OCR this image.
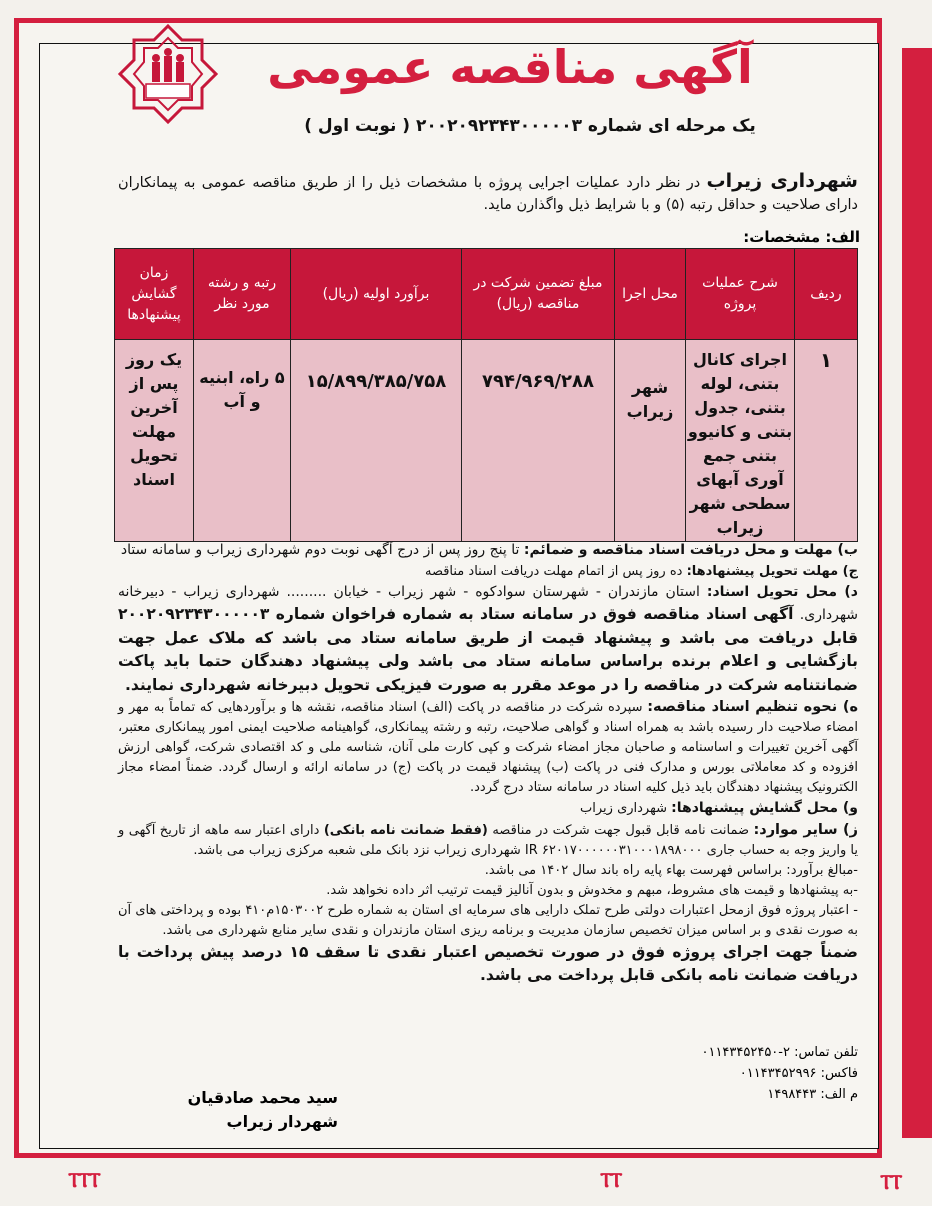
آگهی مناقصه عمومی
یک مرحله ای شماره ۲۰۰۲۰۹۲۳۴۳۰۰۰۰۰۳ ( نوبت اول )
شهرداری زیراب در نظر دارد عملیات اجرایی پروژه با مشخصات ذیل را از طریق مناقصه عمومی به پیمانکاران دارای صلاحیت و حداقل رتبه (۵) و با شرایط ذیل واگذارن ماید.
الف: مشخصات:
ردیف	شرح عملیات پروژه	محل اجرا	مبلغ تضمین شرکت در مناقصه (ریال)	برآورد اولیه (ریال)	رتبه و رشته مورد نظر	زمان گشایش پیشنهادها
۱	اجرای کانال بتنی، لوله بتنی، جدول بتنی و کانیوو بتنی جمع آوری آبهای سطحی شهر زیراب	شهر زیراب	۷۹۴/۹۶۹/۲۸۸	۱۵/۸۹۹/۳۸۵/۷۵۸	۵ راه، ابنیه و آب	یک روز پس از آخرین مهلت تحویل اسناد

ب) مهلت و محل دریافت اسناد مناقصه و ضمائم: تا پنج روز پس از درج آگهی نوبت دوم شهرداری زیراب و سامانه ستاد

ج) مهلت تحویل پیشنهادها: ده روز پس از اتمام مهلت دریافت اسناد مناقصه

د) محل تحویل اسناد: استان مازندران - شهرستان سوادکوه - شهر زیراب - خیابان ......... شهرداری زیراب - دبیرخانه شهرداری. آگهی اسناد مناقصه فوق در سامانه ستاد به شماره فراخوان شماره ۲۰۰۲۰۹۲۳۴۳۰۰۰۰۰۳ قابل دریافت می باشد و پیشنهاد قیمت از طریق سامانه ستاد می باشد که ملاک عمل جهت بازگشایی و اعلام برنده براساس سامانه ستاد می باشد ولی پیشنهاد دهندگان حتما باید پاکت ضمانتنامه شرکت در مناقصه را در موعد مقرر به صورت فیزیکی تحویل دبیرخانه شهرداری نمایند.

ه) نحوه تنظیم اسناد مناقصه: سپرده شرکت در مناقصه در پاکت (الف) اسناد مناقصه، نقشه ها و برآوردهایی که تماماً به مهر و امضاء صلاحیت دار رسیده باشد به همراه اسناد و گواهی صلاحیت، رتبه و رشته پیمانکاری، گواهینامه صلاحیت ایمنی امور پیمانکاری معتبر، آگهی آخرین تغییرات و اساسنامه و صاحبان مجاز امضاء شرکت و کپی کارت ملی آنان، شناسه ملی و کد اقتصادی شرکت، گواهی ارزش افزوده و کد معاملاتی بورس و مدارک فنی در پاکت (ب) پیشنهاد قیمت در پاکت (ج) در سامانه ارائه و ارسال گردد. ضمناً امضاء مجاز الکترونیک پیشنهاد دهندگان باید ذیل کلیه اسناد در سامانه ستاد درج گردد.

و) محل گشایش پیشنهادها: شهرداری زیراب

ز) سایر موارد: ضمانت نامه قابل قبول جهت شرکت در مناقصه (فقط ضمانت نامه بانکی) دارای اعتبار سه ماهه از تاریخ آگهی و یا واریز وجه به حساب جاری IR ۶۲۰۱۷۰۰۰۰۰۰۳۱۰۰۰۱۸۹۸۰۰۰ شهرداری زیراب نزد بانک ملی شعبه مرکزی زیراب می باشد.

-مبالغ برآورد: براساس فهرست بهاء پایه راه باند سال ۱۴۰۲ می باشد.

-به پیشنهادها و قیمت های مشروط، مبهم و مخدوش و بدون آنالیز قیمت ترتیب اثر داده نخواهد شد.

- اعتبار پروژه فوق ازمحل اعتبارات دولتی طرح تملک دارایی های سرمایه ای استان به شماره طرح ۱۵۰۳۰۰۲م۴۱۰ بوده و پرداختی های آن به صورت نقدی و بر اساس میزان تخصیص سازمان مدیریت و برنامه ریزی استان مازندران و نقدی سایر منابع شهرداری می باشد.

ضمناً جهت اجرای پروژه فوق در صورت تخصیص اعتبار نقدی تا سقف ۱۵ درصد پیش پرداخت با دریافت ضمانت نامه بانکی قابل پرداخت می باشد.

تلفن تماس: ۲-۰۱۱۴۳۴۵۲۴۵۰
فاکس: ۰۱۱۴۳۴۵۲۹۹۶
م الف: ۱۴۹۸۴۴۳
سید محمد صادقیان
شهردار زیراب
ⲦⲦⲦ	ⲦⲦ	ⲦⲦ
